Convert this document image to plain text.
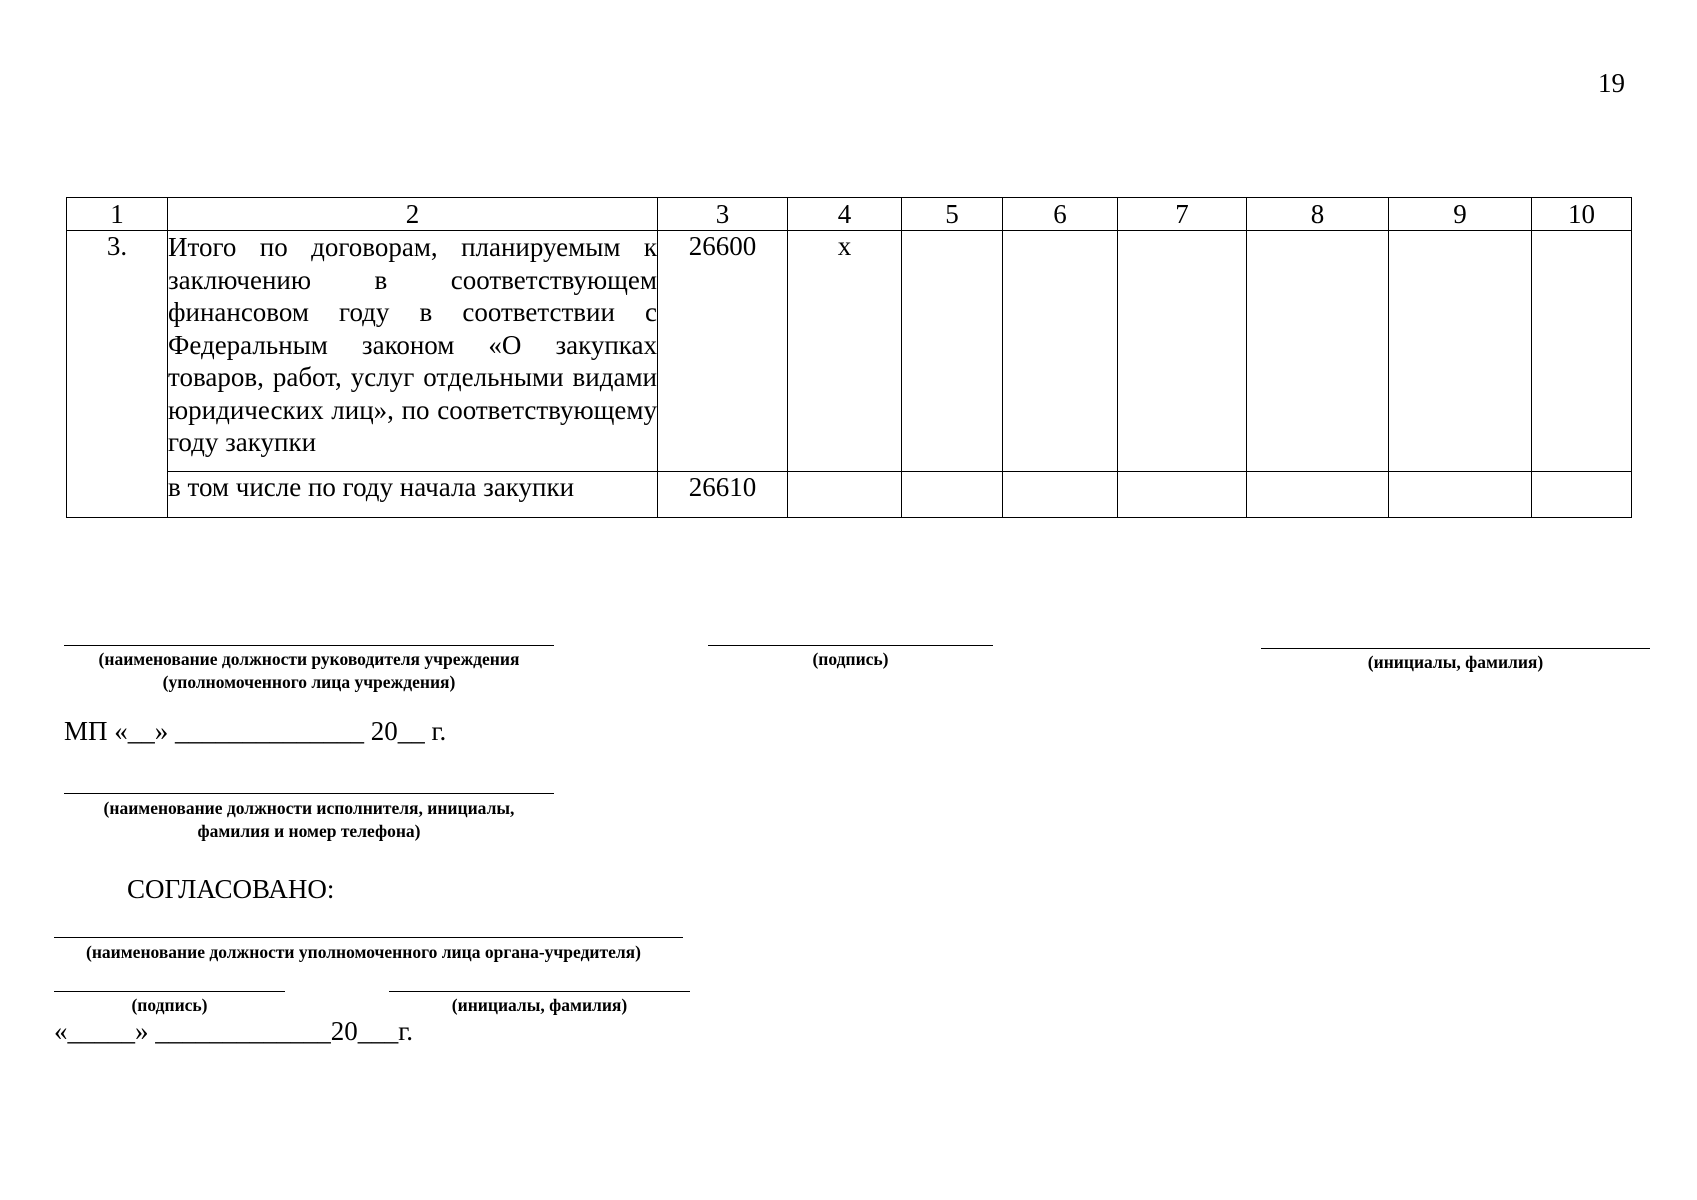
19
1	2	3	4	5	6	7	8	9	10
3.	Итого по договорам, планируемым к заключению в соответствующем финансовом году в соответствии с Федеральным законом «О закупках товаров, работ, услуг отдельными видами юридических лиц», по соответствующему году закупки	26600	x						
	в том числе по году начала закупки	26610							
(наименование должности руководителя учреждения
(уполномоченного лица учреждения)
(подпись)	(инициалы, фамилия)
МП «__» ______________ 20__ г.
(наименование должности исполнителя, инициалы,
фамилия и номер телефона)
СОГЛАСОВАНО:
(наименование должности уполномоченного лица органа-учредителя)
(подпись)	(инициалы, фамилия)
«_____» _____________20___г.
